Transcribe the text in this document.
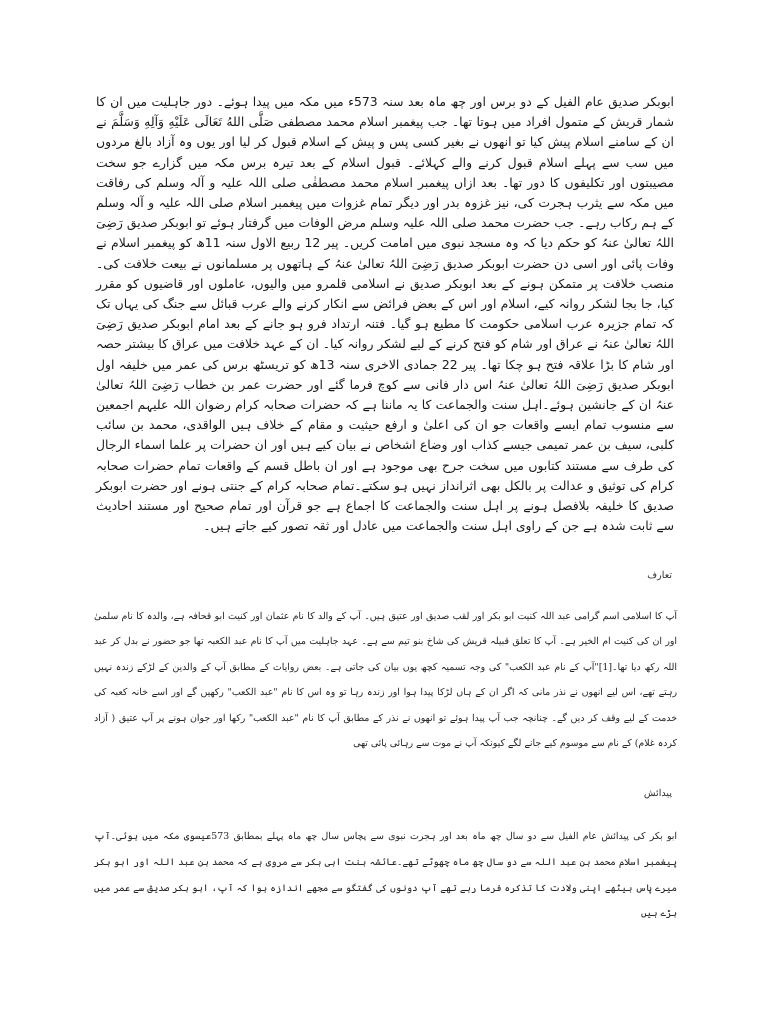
ابوبکر صدیق عام الفیل کے دو برس اور چھ ماہ بعد سنہ 573ء میں مکہ میں پیدا ہوئے۔ دور جاہلیت میں ان کا شمار قریش کے متمول افراد میں ہوتا تھا۔ جب پیغمبر اسلام محمد مصطفی صَلَّى اللهُ تَعَالَى عَلَيْهِ وَآلِهِ وَسَلَّمَ نے ان کے سامنے اسلام پیش کیا تو انھوں نے بغیر کسی پس و پیش کے اسلام قبول کر لیا اور یوں وہ آزاد بالغ مردوں میں سب سے پہلے اسلام قبول کرنے والے کہلائے۔ قبول اسلام کے بعد تیرہ برس مکہ میں گزارے جو سخت مصیبتوں اور تکلیفوں کا دور تھا۔ بعد ازاں پیغمبر اسلام محمد مصطفٰی صلی اللہ علیہ و آلہ وسلم کی رفاقت میں مکہ سے یثرب ہجرت کی، نیز غزوہ بدر اور دیگر تمام غزوات میں پیغمبر اسلام صلی اللہ علیہ و آلہ وسلم کے ہم رکاب رہے۔ جب حضرت محمد صلی اللہ علیہ وسلم مرض الوفات میں گرفتار ہوئے تو ابوبکر صدیق رَضِیَ اللہُ تعالیٰ عنہُ کو حکم دیا کہ وہ مسجد نبوی میں امامت کریں۔ پیر 12 ربیع الاول سنہ 11ھ کو پیغمبر اسلام نے وفات پائی اور اسی دن حضرت ابوبکر صدیق رَضِیَ اللہُ تعالیٰ عنہُ کے ہاتھوں پر مسلمانوں نے بیعت خلافت کی۔ منصب خلافت پر متمکن ہونے کے بعد ابوبکر صدیق نے اسلامی قلمرو میں والیوں، عاملوں اور قاضیوں کو مقرر کیا، جا بجا لشکر روانہ کیے، اسلام اور اس کے بعض فرائض سے انکار کرنے والے عرب قبائل سے جنگ کی یہاں تک کہ تمام جزیرہ عرب اسلامی حکومت کا مطیع ہو گیا۔ فتنہ ارتداد فرو ہو جانے کے بعد امام ابوبکر صدیق رَضِیَ اللہُ تعالیٰ عنہُ نے عراق اور شام کو فتح کرنے کے لیے لشکر روانہ کیا۔ ان کے عہد خلافت میں عراق کا بیشتر حصہ اور شام کا بڑا علاقہ فتح ہو چکا تھا۔ پیر 22 جمادی الاخری سنہ 13ھ کو تریسٹھ برس کی عمر میں خلیفہ اول ابوبکر صدیق رَضِیَ اللہُ تعالیٰ عنہُ اس دار فانی سے کوچ فرما گئے اور حضرت عمر بن خطاب رَضِیَ اللہُ تعالیٰ عنہُ ان کے جانشین ہوئے۔اہل سنت والجماعت کا یہ ماننا ہے کہ حضرات صحابہ کرام رضوان اللہ علیہم اجمعین سے منسوب تمام ایسے واقعات جو ان کی اعلیٰ و ارفع حیثیت و مقام کے خلاف ہیں الواقدی، محمد بن سائب کلبی، سیف بن عمر تمیمی جیسے کذاب اور وضاع اشخاص نے بیان کیے ہیں اور ان حضرات پر علما اسماء الرجال کی طرف سے مستند کتابوں میں سخت جرح بھی موجود ہے اور ان باطل قسم کے واقعات تمام حضرات صحابہ کرام کی توثیق و عدالت پر بالکل بھی اثرانداز نہیں ہو سکتے۔تمام صحابہ کرام کے جنتی ہونے اور حضرت ابوبکر صدیق کا خلیفہ بلافصل ہونے پر اہل سنت والجماعت کا اجماع ہے جو قرآن اور تمام صحیح اور مستند احادیث سے ثابت شدہ ہے جن کے راوی اہل سنت والجماعت میں عادل اور ثقہ تصور کیے جاتے ہیں۔

تعارف

آپ کا اسلامی اسم گرامی عبد اللہ کنیت ابو بکر اور لقب صدیق اور عتیق ہیں۔ آپ کے والد کا نام عثمان اور کنیت ابو قحافہ ہے، والدہ کا نام سلمیٰ اور ان کی کنیت ام الخیر ہے۔ آپ کا تعلق قبیلہ قریش کی شاخ بنو تیم سے ہے۔ عہد جاہلیت میں آپ کا نام عبد الکعبہ تھا جو حضور نے بدل کر عبد اللہ رکھ دیا تھا۔[1]"آپ کے نام عبد الکعب" کی وجہ تسمیہ کچھ یوں بیان کی جاتی ہے۔ بعض روایات کے مطابق آپ کے والدین کے لڑکے زندہ نہیں رہتے تھے، اس لیے انھوں نے نذر مانی کہ اگر ان کے ہاں لڑکا پیدا ہوا اور زندہ رہا تو وہ اس کا نام "عبد الکعب" رکھیں گے اور اسے خانہ کعبہ کی خدمت کے لیے وقف کر دیں گے۔ چنانچہ جب آپ پیدا ہوئے تو انھوں نے نذر کے مطابق آپ کا نام "عبد الکعب" رکھا اور جوان ہونے پر آپ عتیق ( آزاد کردہ غلام) کے نام سے موسوم کیے جانے لگے کیونکہ آپ نے موت سے رہائی پائی تھی

پیدائش

ابو بکر کی پیدائش عام الفیل سے دو سال چھ ماہ بعد اور ہجرت نبوی سے پچاس سال چھ ماہ پہلے بمطابق 573عیسوی مکہ میں ہوئی۔آپ پیغمبر اسلام محمد بن عبد اللہ سے دو سال چھ ماہ چھوٹے تھے۔عائشہ بنت ابی بکر سے مروی ہے کہ محمد بن عبد اللہ اور ابو بکر میرے پاس بیٹھے اپنی ولادت کا تذکرہ فرما رہے تھے آپ دونوں کی گفتگو سے مجھے اندازہ ہوا کہ آپ، ابو بکر صدیق سے عمر میں بڑے ہیں
